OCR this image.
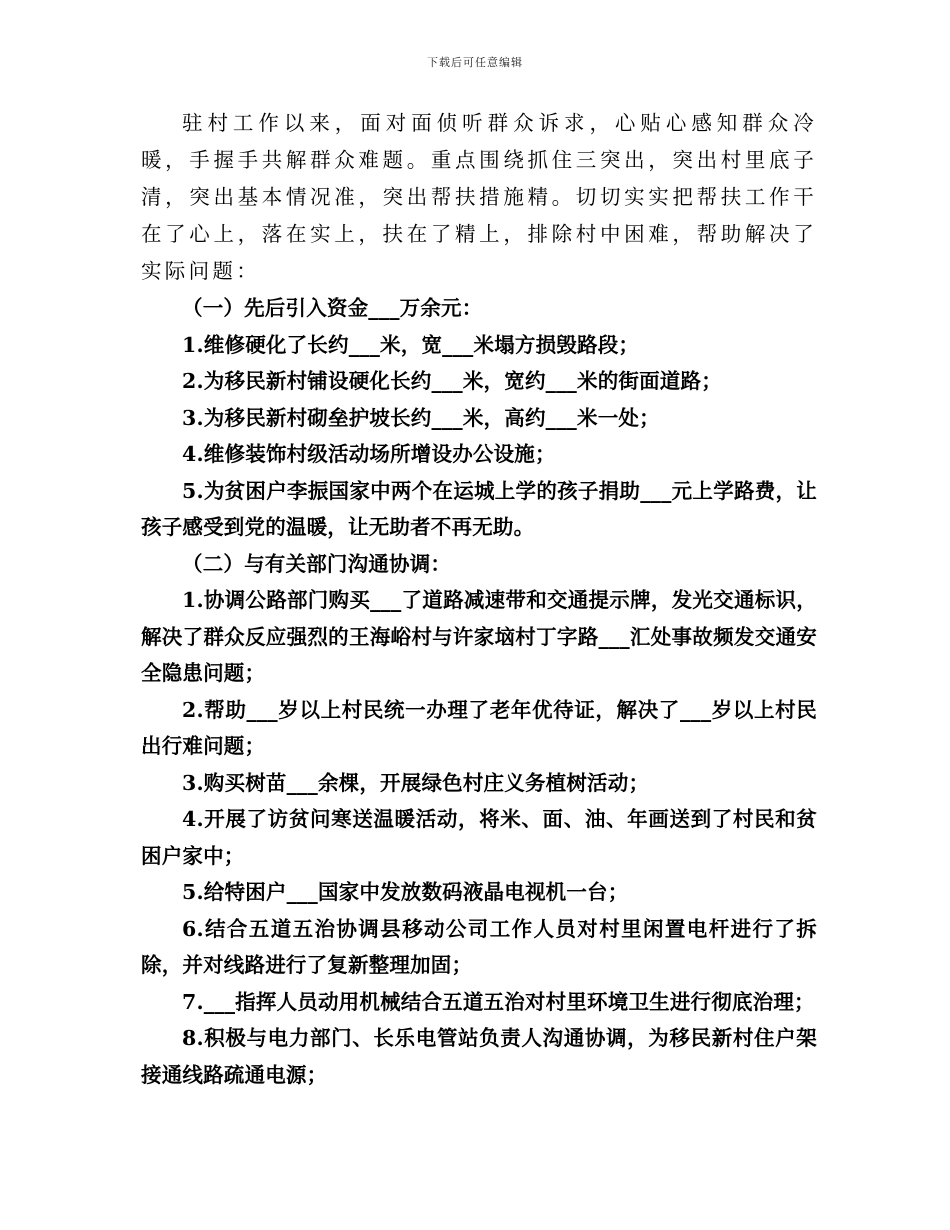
下载后可任意编辑

驻村工作以来，面对面侦听群众诉求，心贴心感知群众冷暖，手握手共解群众难题。重点围绕抓住三突出，突出村里底子清，突出基本情况准，突出帮扶措施精。切切实实把帮扶工作干在了心上，落在实上，扶在了精上，排除村中困难，帮助解决了实际问题：

（一）先后引入资金___万余元：

1.维修硬化了长约___米，宽___米塌方损毁路段；

2.为移民新村铺设硬化长约___米，宽约___米的街面道路；

3.为移民新村砌垒护坡长约___米，高约___米一处；

4.维修装饰村级活动场所增设办公设施；

5.为贫困户李振国家中两个在运城上学的孩子捐助___元上学路费，让孩子感受到党的温暖，让无助者不再无助。

（二）与有关部门沟通协调：

1.协调公路部门购买___了道路减速带和交通提示牌，发光交通标识，解决了群众反应强烈的王海峪村与许家垴村丁字路___汇处事故频发交通安全隐患问题；

2.帮助___岁以上村民统一办理了老年优待证，解决了___岁以上村民出行难问题；

3.购买树苗___余棵，开展绿色村庄义务植树活动；

4.开展了访贫问寒送温暖活动，将米、面、油、年画送到了村民和贫困户家中；

5.给特困户___国家中发放数码液晶电视机一台；

6.结合五道五治协调县移动公司工作人员对村里闲置电杆进行了拆除，并对线路进行了复新整理加固；

7.___指挥人员动用机械结合五道五治对村里环境卫生进行彻底治理；

8.积极与电力部门、长乐电管站负责人沟通协调，为移民新村住户架接通线路疏通电源；
